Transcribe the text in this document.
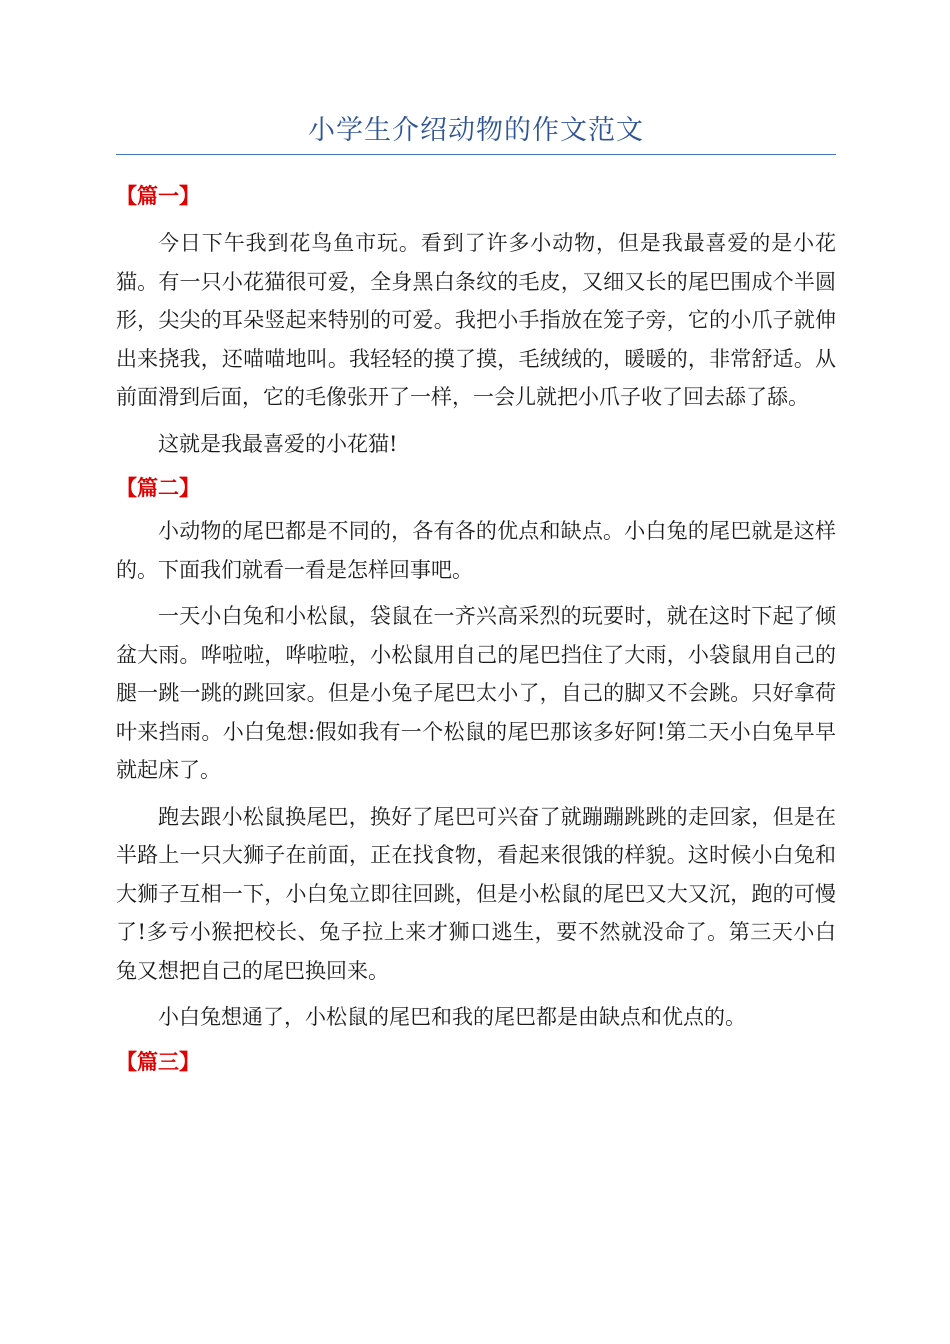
小学生介绍动物的作文范文
【篇一】

今日下午我到花鸟鱼市玩。看到了许多小动物，但是我最喜爱的是小花猫。有一只小花猫很可爱，全身黑白条纹的毛皮，又细又长的尾巴围成个半圆形，尖尖的耳朵竖起来特别的可爱。我把小手指放在笼子旁，它的小爪子就伸出来挠我，还喵喵地叫。我轻轻的摸了摸，毛绒绒的，暖暖的，非常舒适。从前面滑到后面，它的毛像张开了一样，一会儿就把小爪子收了回去舔了舔。

这就是我最喜爱的小花猫!

【篇二】

小动物的尾巴都是不同的，各有各的优点和缺点。小白兔的尾巴就是这样的。下面我们就看一看是怎样回事吧。

一天小白兔和小松鼠，袋鼠在一齐兴高采烈的玩要时，就在这时下起了倾盆大雨。哗啦啦，哗啦啦，小松鼠用自己的尾巴挡住了大雨，小袋鼠用自己的腿一跳一跳的跳回家。但是小兔子尾巴太小了，自己的脚又不会跳。只好拿荷叶来挡雨。小白兔想:假如我有一个松鼠的尾巴那该多好阿!第二天小白兔早早就起床了。

跑去跟小松鼠换尾巴，换好了尾巴可兴奋了就蹦蹦跳跳的走回家，但是在半路上一只大狮子在前面，正在找食物，看起来很饿的样貌。这时候小白兔和大狮子互相一下，小白兔立即往回跳，但是小松鼠的尾巴又大又沉，跑的可慢了!多亏小猴把校长、兔子拉上来才狮口逃生，要不然就没命了。第三天小白兔又想把自己的尾巴换回来。

小白兔想通了，小松鼠的尾巴和我的尾巴都是由缺点和优点的。

【篇三】
